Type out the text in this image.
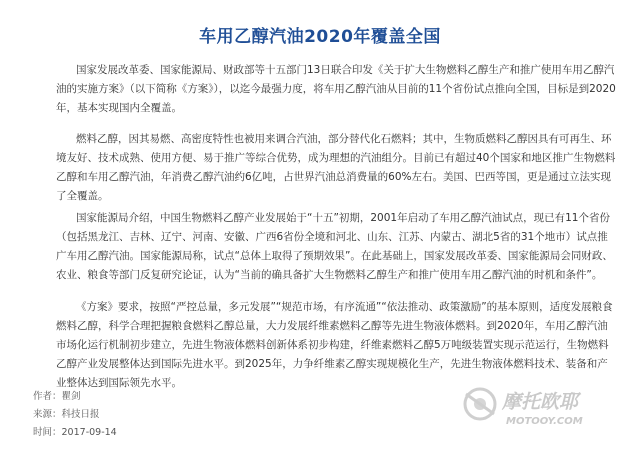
车用乙醇汽油2020年覆盖全国

国家发展改革委、国家能源局、财政部等十五部门13日联合印发《关于扩大生物燃料乙醇生产和推广使用车用乙醇汽油的实施方案》（以下简称《方案》），以迄今最强力度，将车用乙醇汽油从目前的11个省份试点推向全国，目标是到2020年，基本实现国内全覆盖。

燃料乙醇，因其易燃、高密度特性也被用来调合汽油，部分替代化石燃料；其中，生物质燃料乙醇因具有可再生、环境友好、技术成熟、使用方便、易于推广等综合优势，成为理想的汽油组分。目前已有超过40个国家和地区推广生物燃料乙醇和车用乙醇汽油，年消费乙醇汽油约6亿吨，占世界汽油总消费量的60%左右。美国、巴西等国，更是通过立法实现了全覆盖。

国家能源局介绍，中国生物燃料乙醇产业发展始于“十五”初期，2001年启动了车用乙醇汽油试点，现已有11个省份（包括黑龙江、吉林、辽宁、河南、安徽、广西6省份全境和河北、山东、江苏、内蒙古、湖北5省的31个地市）试点推广车用乙醇汽油。国家能源局称，试点“总体上取得了预期效果”。在此基础上，国家发展改革委、国家能源局会同财政、农业、粮食等部门反复研究论证，认为“当前的确具备扩大生物燃料乙醇生产和推广使用车用乙醇汽油的时机和条件”。

《方案》要求，按照“严控总量，多元发展”“规范市场，有序流通”“依法推动、政策激励”的基本原则，适度发展粮食燃料乙醇，科学合理把握粮食燃料乙醇总量，大力发展纤维素燃料乙醇等先进生物液体燃料。到2020年，车用乙醇汽油市场化运行机制初步建立，先进生物液体燃料创新体系初步构建，纤维素燃料乙醇5万吨级装置实现示范运行，生物燃料乙醇产业发展整体达到国际先进水平。到2025年，力争纤维素乙醇实现规模化生产，先进生物液体燃料技术、装备和产业整体达到国际领先水平。

作者：瞿剑
来源：科技日报
时间：2017-09-14
摩托欧耶
MOTOOY.COM
